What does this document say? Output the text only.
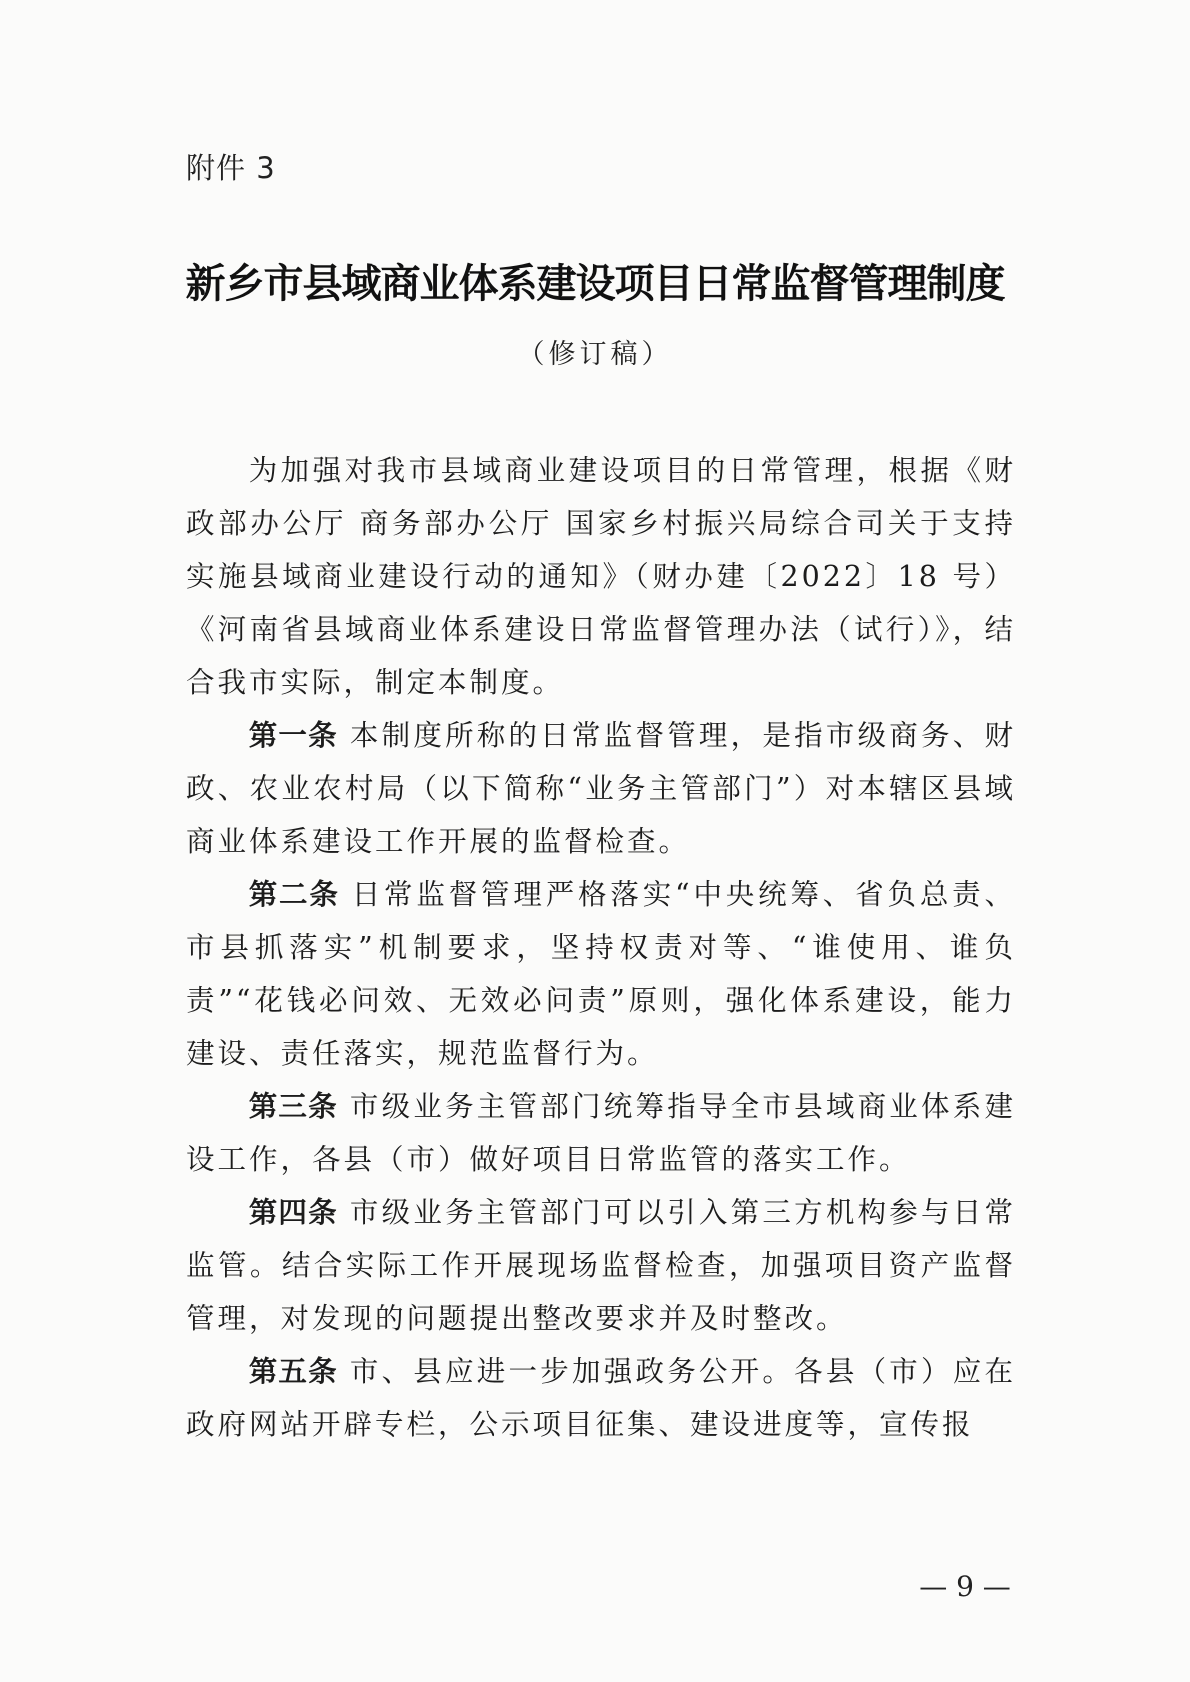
附件 3
新乡市县域商业体系建设项目日常监督管理制度
（修订稿）

为加强对我市县域商业建设项目的日常管理，根据《财政部办公厅 商务部办公厅 国家乡村振兴局综合司关于支持实施县域商业建设行动的通知》（财办建〔2022〕18 号）《河南省县域商业体系建设日常监督管理办法（试行）》，结合我市实际，制定本制度。

第一条 本制度所称的日常监督管理，是指市级商务、财政、农业农村局（以下简称“业务主管部门”）对本辖区县域商业体系建设工作开展的监督检查。

第二条 日常监督管理严格落实“中央统筹、省负总责、市县抓落实”机制要求，坚持权责对等、“谁使用、谁负责”“花钱必问效、无效必问责”原则，强化体系建设，能力建设、责任落实，规范监督行为。

第三条 市级业务主管部门统筹指导全市县域商业体系建设工作，各县（市）做好项目日常监管的落实工作。

第四条 市级业务主管部门可以引入第三方机构参与日常监管。结合实际工作开展现场监督检查，加强项目资产监督管理，对发现的问题提出整改要求并及时整改。

第五条 市、县应进一步加强政务公开。各县（市）应在政府网站开辟专栏，公示项目征集、建设进度等，宣传报

— 9 —
